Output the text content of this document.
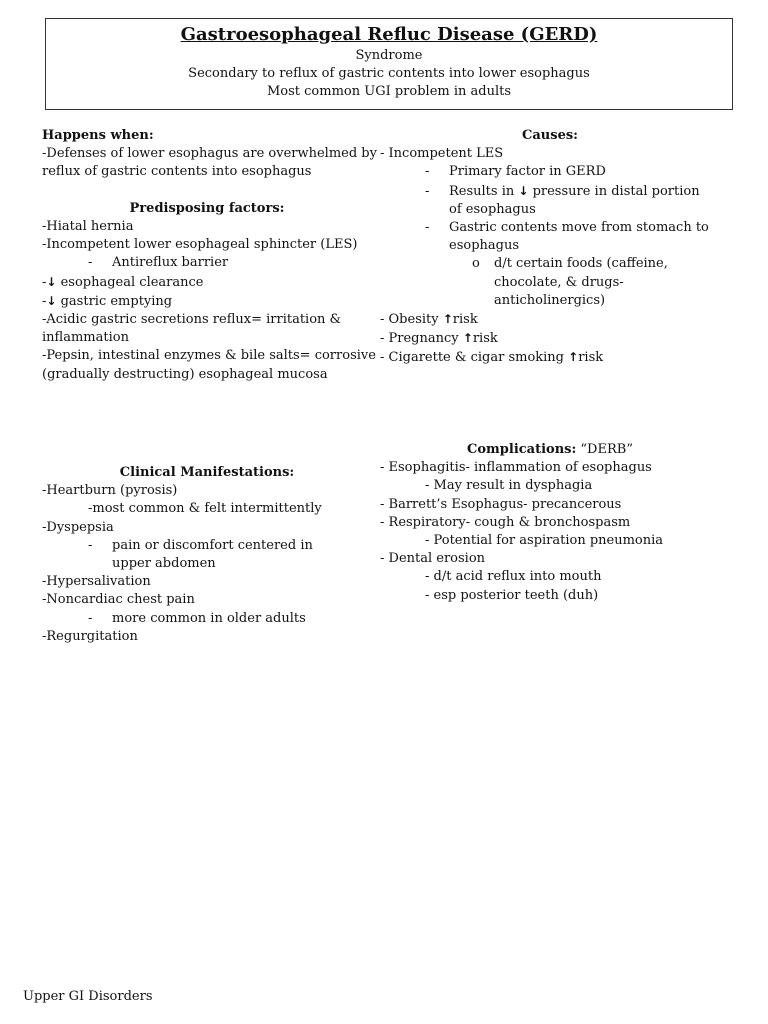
Gastroesophageal Refluc Disease (GERD)
Syndrome
Secondary to reflux of gastric contents into lower esophagus
Most common UGI problem in adults
Happens when:
-Defenses of lower esophagus are overwhelmed by
reflux of gastric contents into esophagus

Predisposing factors:
-Hiatal hernia
-Incompetent lower esophageal sphincter (LES)
- Antireflux barrier
-↓ esophageal clearance
-↓ gastric emptying
-Acidic gastric secretions reflux= irritation &
inflammation
-Pepsin, intestinal enzymes & bile salts= corrosive
(gradually destructing) esophageal mucosa
Causes:
- Incompetent LES
- Primary factor in GERD
- Results in ↓ pressure in distal portion
of esophagus
- Gastric contents move from stomach to
esophagus
o d/t certain foods (caffeine,
chocolate, & drugs-
anticholinergics)
- Obesity ↑risk
- Pregnancy ↑risk
- Cigarette & cigar smoking ↑risk
Clinical Manifestations:
-Heartburn (pyrosis)
-most common & felt intermittently
-Dyspepsia
- pain or discomfort centered in
upper abdomen
-Hypersalivation
-Noncardiac chest pain
- more common in older adults
-Regurgitation
Complications: “DERB”
- Esophagitis- inflammation of esophagus
- May result in dysphagia
- Barrett’s Esophagus- precancerous
- Respiratory- cough & bronchospasm
- Potential for aspiration pneumonia
- Dental erosion
- d/t acid reflux into mouth
- esp posterior teeth (duh)
Upper GI Disorders
